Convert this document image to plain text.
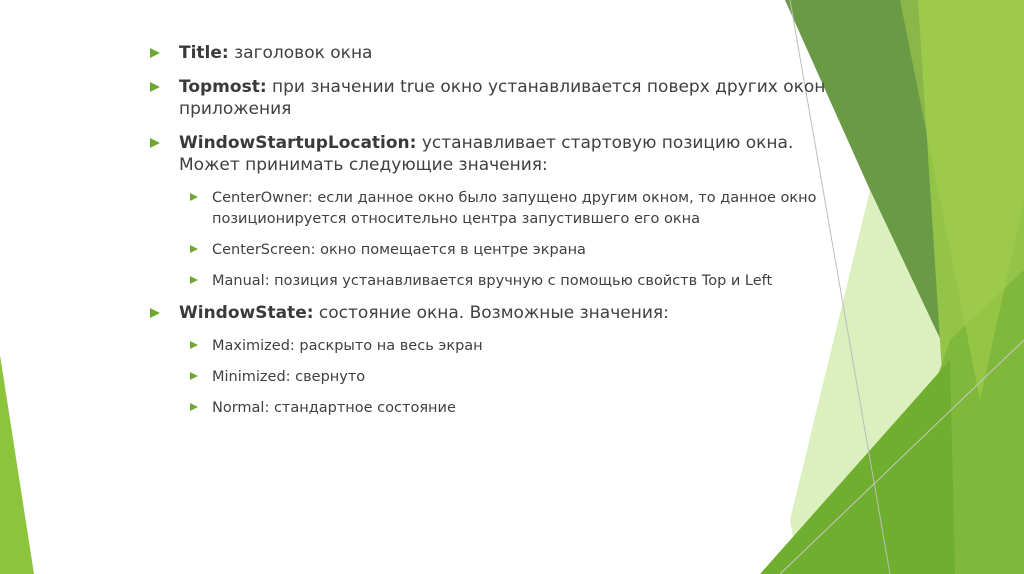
Title: заголовок окна
Topmost: при значении true окно устанавливается поверх других окон приложения
WindowStartupLocation: устанавливает стартовую позицию окна. Может принимать следующие значения:
CenterOwner: если данное окно было запущено другим окном, то данное окно позиционируется относительно центра запустившего его окна
CenterScreen: окно помещается в центре экрана
Manual: позиция устанавливается вручную с помощью свойств Top и Left
WindowState: состояние окна. Возможные значения:
Maximized: раскрыто на весь экран
Minimized: свернуто
Normal: стандартное состояние
